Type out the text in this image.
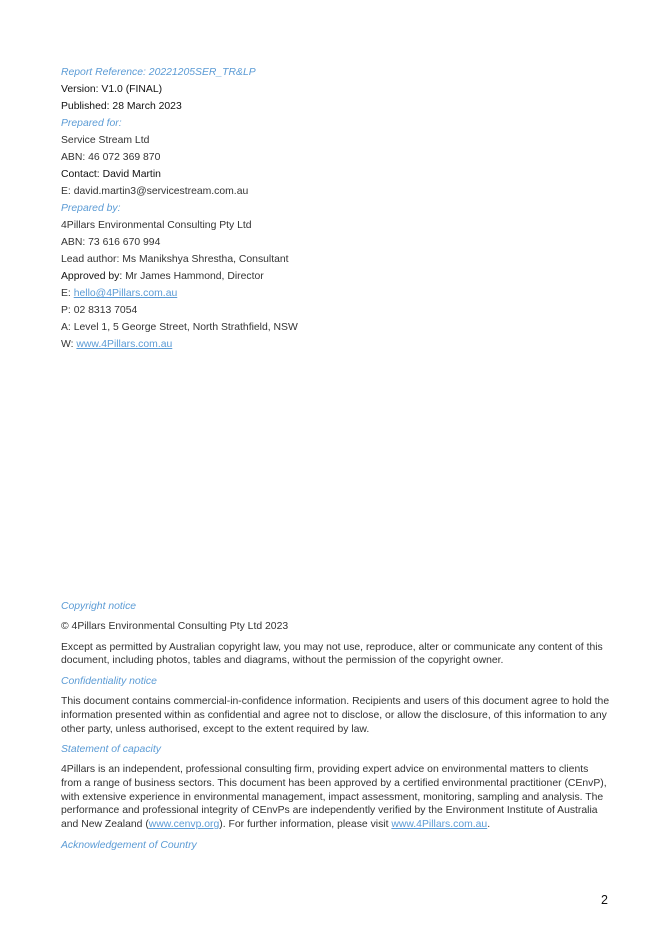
Report Reference: 20221205SER_TR&LP
Version: V1.0 (FINAL)
Published: 28 March 2023
Prepared for:
Service Stream Ltd
ABN: 46 072 369 870
Contact: David Martin
E: david.martin3@servicestream.com.au
Prepared by:
4Pillars Environmental Consulting Pty Ltd
ABN: 73 616 670 994
Lead author: Ms Manikshya Shrestha, Consultant
Approved by: Mr James Hammond, Director
E: hello@4Pillars.com.au
P: 02 8313 7054
A: Level 1, 5 George Street, North Strathfield, NSW
W: www.4Pillars.com.au
Copyright notice
© 4Pillars Environmental Consulting Pty Ltd 2023
Except as permitted by Australian copyright law, you may not use, reproduce, alter or communicate any content of this document, including photos, tables and diagrams, without the permission of the copyright owner.
Confidentiality notice
This document contains commercial-in-confidence information. Recipients and users of this document agree to hold the information presented within as confidential and agree not to disclose, or allow the disclosure, of this information to any other party, unless authorised, except to the extent required by law.
Statement of capacity
4Pillars is an independent, professional consulting firm, providing expert advice on environmental matters to clients from a range of business sectors. This document has been approved by a certified environmental practitioner (CEnvP), with extensive experience in environmental management, impact assessment, monitoring, sampling and analysis. The performance and professional integrity of CEnvPs are independently verified by the Environment Institute of Australia and New Zealand (www.cenvp.org). For further information, please visit www.4Pillars.com.au.
Acknowledgement of Country
2
